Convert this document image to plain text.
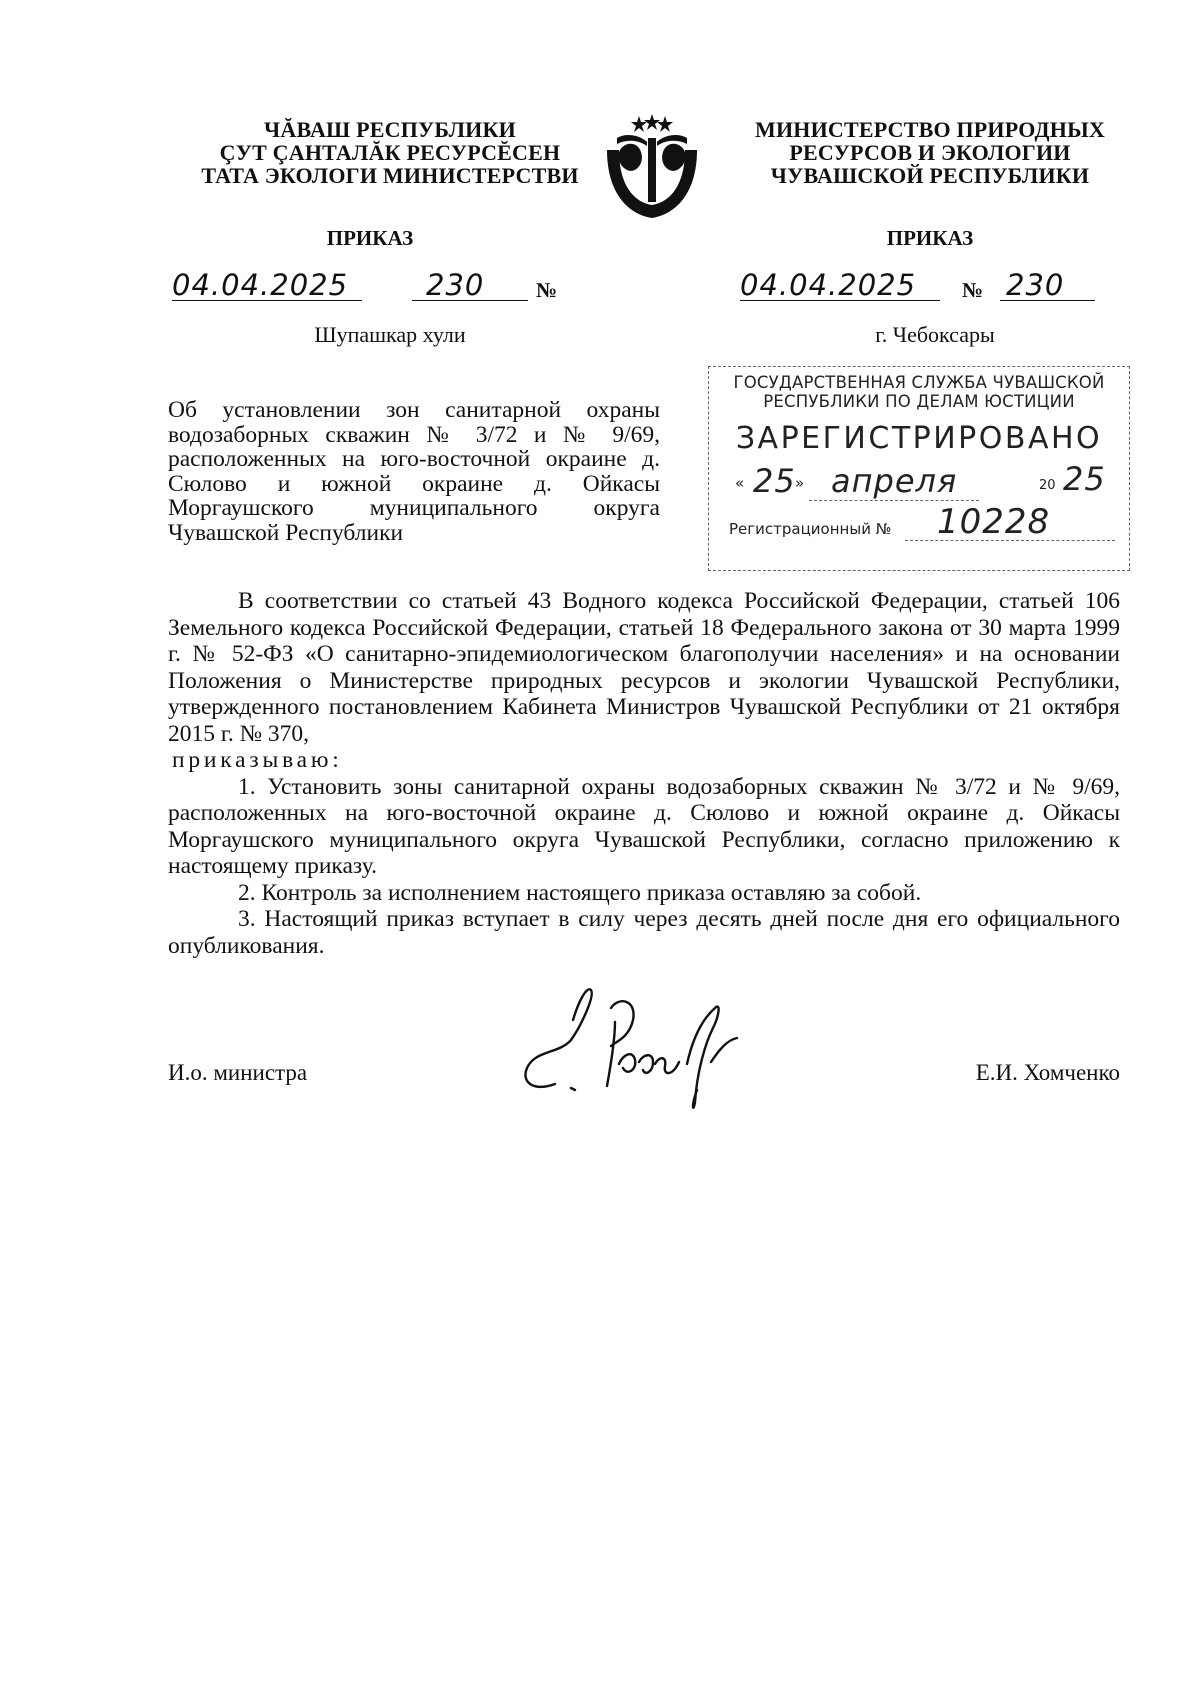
ЧĂВАШ РЕСПУБЛИКИ
ÇУТ ÇАНТАЛĂК РЕСУРСĔСЕН
ТАТА ЭКОЛОГИ МИНИСТЕРСТВИ
МИНИСТЕРСТВО ПРИРОДНЫХ
РЕСУРСОВ И ЭКОЛОГИИ
ЧУВАШСКОЙ РЕСПУБЛИКИ
ПРИКАЗ	ПРИКАЗ
04.04.2025	230	№	04.04.2025	№ 230
Шупашкар хули	г. Чебоксары
Об установлении зон санитарной охраны водозаборных скважин № 3/72 и № 9/69, расположенных на юго-восточной окраине д. Сюлово и южной окраине д. Ойкасы Моргаушского муниципального округа Чувашской Республики
ГОСУДАРСТВЕННАЯ СЛУЖБА ЧУВАШСКОЙ
РЕСПУБЛИКИ ПО ДЕЛАМ ЮСТИЦИИ
ЗАРЕГИСТРИРОВАНО
« 25 » апреля	20 25
Регистрационный № 10228

В соответствии со статьей 43 Водного кодекса Российской Федерации, статьей 106 Земельного кодекса Российской Федерации, статьей 18 Федерального закона от 30 марта 1999 г. № 52-ФЗ «О санитарно-эпидемиологическом благополучии населения» и на основании Положения о Министерстве природных ресурсов и экологии Чувашской Республики, утвержденного постановлением Кабинета Министров Чувашской Республики от 21 октября 2015 г. № 370,

приказываю:

1. Установить зоны санитарной охраны водозаборных скважин № 3/72 и № 9/69, расположенных на юго-восточной окраине д. Сюлово и южной окраине д. Ойкасы Моргаушского муниципального округа Чувашской Республики, согласно приложению к настоящему приказу.

2. Контроль за исполнением настоящего приказа оставляю за собой.

3. Настоящий приказ вступает в силу через десять дней после дня его официального опубликования.

И.о. министра	Е.И. Хомченко
